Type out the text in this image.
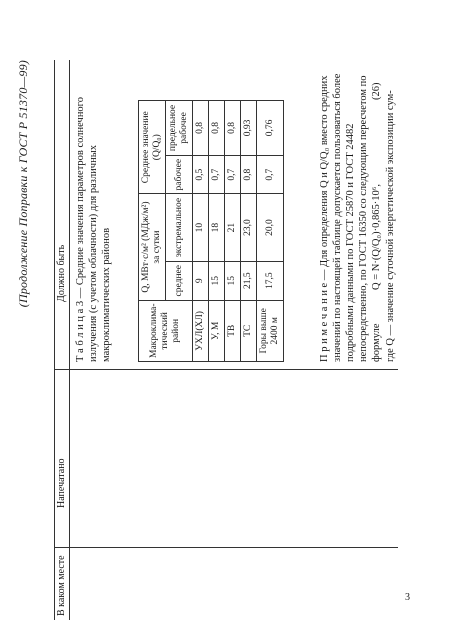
(Продолжение Поправки к ГОСТ Р 51370—99)
В каком месте
Напечатано
Должно быть Т а б л и ц а 3 — Средние значения параметров солнечного излучения (с учетом облачности) для различных макроклиматических районов	Макроклиматический район	Q, МВт·с/м² (МДж/м²) за сутки		Среднее значение (Q/Q₀)	
	среднее	экстремальное	рабочее	предельное рабочее
УХЛ(ХЛ)	9	10	0,5	0,8
У, М	15	18	0,7	0,8
ТВ	15	21	0,7	0,8
ТС	21,5	23,0	0,8	0,93
Горы выше 2400 м	17,5	20,0	0,7	0,76	П р и м е ч а н и е — Для определения Q и Q/Q₀ вместо средних значений по настоящей таблице допускается пользоваться более подробными данными по ГОСТ 25870 и ГОСТ 24482 непосредственно, по ГОСТ 16350 со следующим пересчетом по формуле
Q = N·(Q/Q₀)·0,865·10⁶,
(26) где Q — значение суточной энергетической экспозиции сум-
3
